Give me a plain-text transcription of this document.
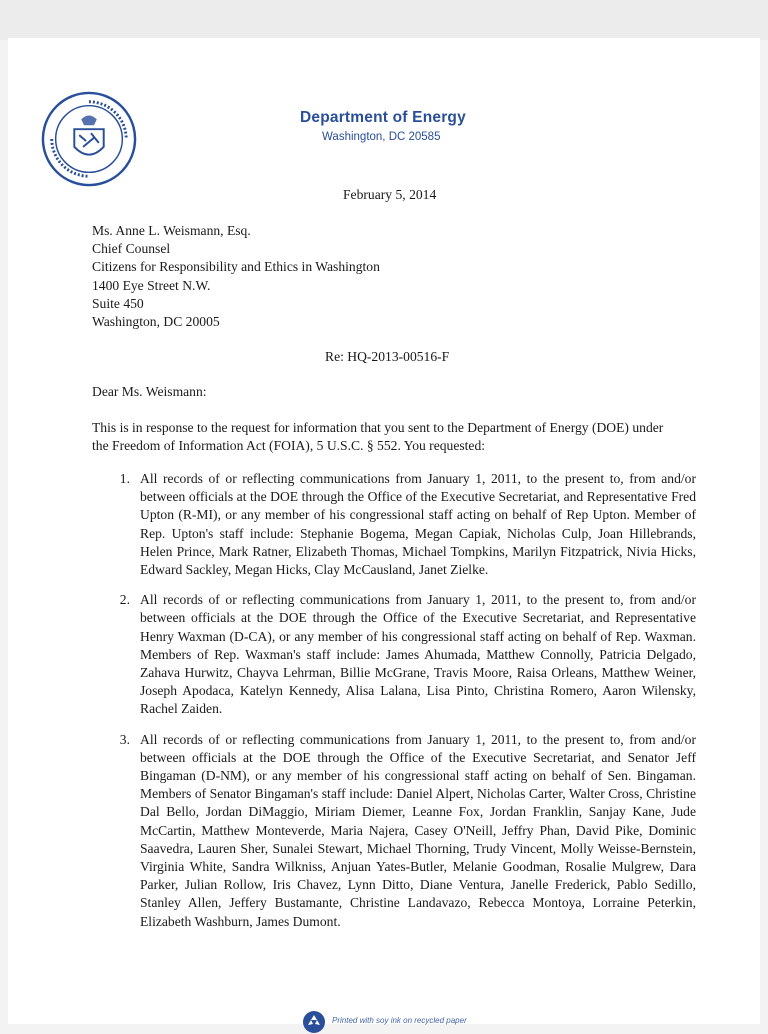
Department of Energy
Washington, DC 20585
February 5, 2014
Ms. Anne L. Weismann, Esq.
Chief Counsel
Citizens for Responsibility and Ethics in Washington
1400 Eye Street N.W.
Suite 450
Washington, DC 20005
Re: HQ-2013-00516-F
Dear Ms. Weismann:
This is in response to the request for information that you sent to the Department of Energy (DOE) under the Freedom of Information Act (FOIA), 5 U.S.C. § 552. You requested:
1. All records of or reflecting communications from January 1, 2011, to the present to, from and/or between officials at the DOE through the Office of the Executive Secretariat, and Representative Fred Upton (R-MI), or any member of his congressional staff acting on behalf of Rep Upton. Member of Rep. Upton's staff include: Stephanie Bogema, Megan Capiak, Nicholas Culp, Joan Hillebrands, Helen Prince, Mark Ratner, Elizabeth Thomas, Michael Tompkins, Marilyn Fitzpatrick, Nivia Hicks, Edward Sackley, Megan Hicks, Clay McCausland, Janet Zielke.
2. All records of or reflecting communications from January 1, 2011, to the present to, from and/or between officials at the DOE through the Office of the Executive Secretariat, and Representative Henry Waxman (D-CA), or any member of his congressional staff acting on behalf of Rep. Waxman. Members of Rep. Waxman's staff include: James Ahumada, Matthew Connolly, Patricia Delgado, Zahava Hurwitz, Chayva Lehrman, Billie McGrane, Travis Moore, Raisa Orleans, Matthew Weiner, Joseph Apodaca, Katelyn Kennedy, Alisa Lalana, Lisa Pinto, Christina Romero, Aaron Wilensky, Rachel Zaiden.
3. All records of or reflecting communications from January 1, 2011, to the present to, from and/or between officials at the DOE through the Office of the Executive Secretariat, and Senator Jeff Bingaman (D-NM), or any member of his congressional staff acting on behalf of Sen. Bingaman. Members of Senator Bingaman's staff include: Daniel Alpert, Nicholas Carter, Walter Cross, Christine Dal Bello, Jordan DiMaggio, Miriam Diemer, Leanne Fox, Jordan Franklin, Sanjay Kane, Jude McCartin, Matthew Monteverde, Maria Najera, Casey O'Neill, Jeffry Phan, David Pike, Dominic Saavedra, Lauren Sher, Sunalei Stewart, Michael Thorning, Trudy Vincent, Molly Weisse-Bernstein, Virginia White, Sandra Wilkniss, Anjuan Yates-Butler, Melanie Goodman, Rosalie Mulgrew, Dara Parker, Julian Rollow, Iris Chavez, Lynn Ditto, Diane Ventura, Janelle Frederick, Pablo Sedillo, Stanley Allen, Jeffery Bustamante, Christine Landavazo, Rebecca Montoya, Lorraine Peterkin, Elizabeth Washburn, James Dumont.
Printed with soy ink on recycled paper
